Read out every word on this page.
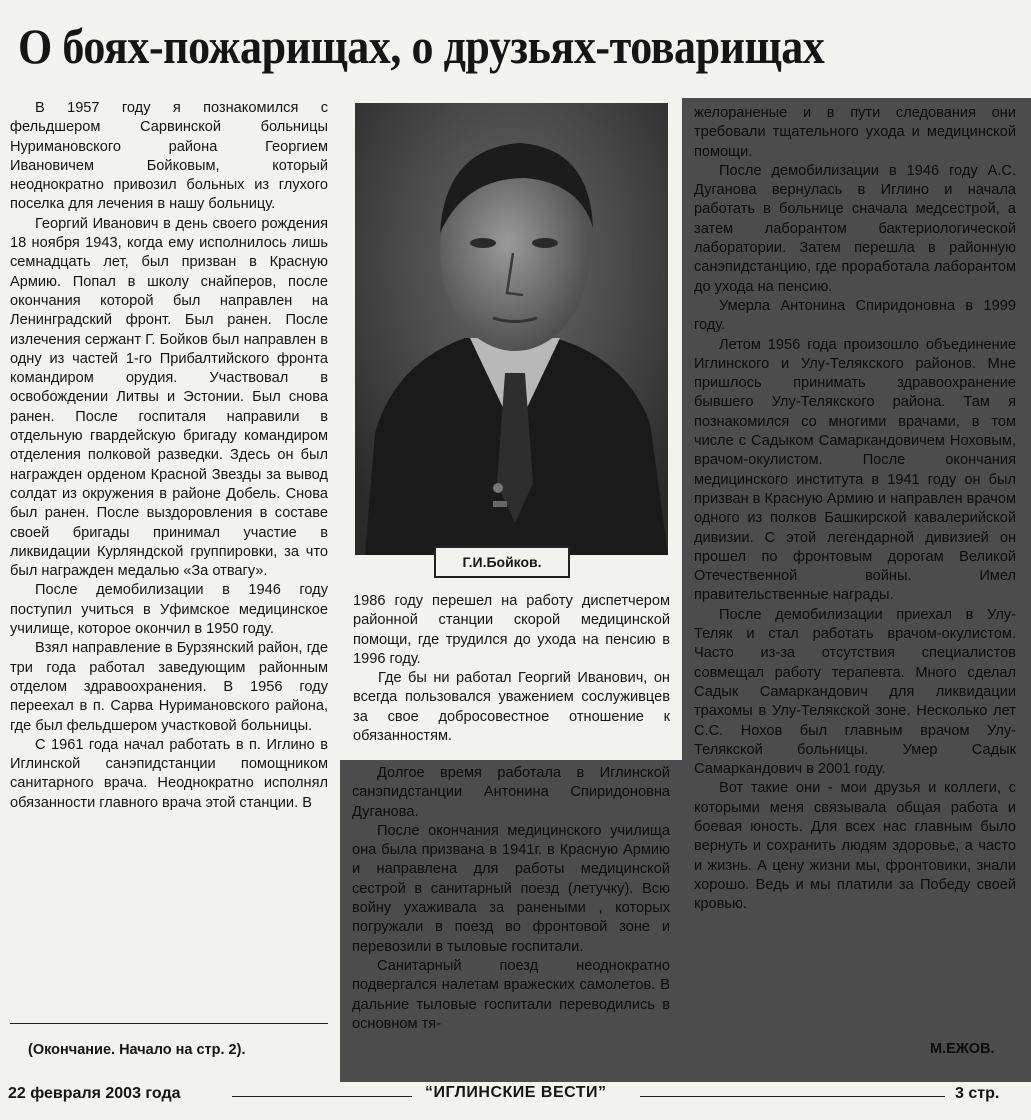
О боях-пожарищах, о друзьях-товарищах
Г.И.Бойков.

В 1957 году я познакомился с фельдшером Сарвинской больницы Нуримановского района Георгием Ивановичем Бойковым, который неоднократно привозил больных из глухого поселка для лечения в нашу больницу.

Георгий Иванович в день своего рождения 18 ноября 1943, когда ему исполнилось лишь семнадцать лет, был призван в Красную Армию. Попал в школу снайперов, после окончания которой был направлен на Ленинградский фронт. Был ранен. После излечения сержант Г. Бойков был направлен в одну из частей 1-го Прибалтийского фронта командиром орудия. Участвовал в освобождении Литвы и Эстонии. Был снова ранен. После госпиталя направили в отдельную гвардейскую бригаду командиром отделения полковой разведки. Здесь он был награжден орденом Красной Звезды за вывод солдат из окружения в районе Добель. Снова был ранен. После выздоровления в составе своей бригады принимал участие в ликвидации Курляндской группировки, за что был награжден медалью «За отвагу».

После демобилизации в 1946 году поступил учиться в Уфимское медицинское училище, которое окончил в 1950 году.

Взял направление в Бурзянский район, где три года работал заведующим районным отделом здравоохранения. В 1956 году переехал в п. Сарва Нуримановского района, где был фельдшером участковой больницы.

С 1961 года начал работать в п. Иглино в Иглинской санэпидстанции помощником санитарного врача. Неоднократно исполнял обязанности главного врача этой станции. В

1986 году перешел на работу диспетчером районной станции скорой медицинской помощи, где трудился до ухода на пенсию в 1996 году.

Где бы ни работал Георгий Иванович, он всегда пользовался уважением сослуживцев за свое добросовестное отношение к обязанностям.

Долгое время работала в Иглинской санэпидстанции Антонина Спиридоновна Дуганова.

После окончания медицинского училища она была призвана в 1941г. в Красную Армию и направлена для работы медицинской сестрой в санитарный поезд (летучку). Всю войну ухаживала за ранеными , которых погружали в поезд во фронтовой зоне и перевозили в тыловые госпитали.

Санитарный поезд неоднократно подвергался налетам вражеских самолетов. В дальние тыловые госпитали переводились в основном тя-

желораненые и в пути следования они требовали тщательного ухода и медицинской помощи.

После демобилизации в 1946 году А.С. Дуганова вернулась в Иглино и начала работать в больнице сначала медсестрой, а затем лаборантом бактериологической лаборатории. Затем перешла в районную санэпидстанцию, где проработала лаборантом до ухода на пенсию.

Умерла Антонина Спиридоновна в 1999 году.

Летом 1956 года произошло объединение Иглинского и Улу-Телякского районов. Мне пришлось принимать здравоохранение бывшего Улу-Телякского района. Там я познакомился со многими врачами, в том числе с Садыком Самаркандовичем Ноховым, врачом-окулистом. После окончания медицинского института в 1941 году он был призван в Красную Армию и направлен врачом одного из полков Башкирской кавалерийской дивизии. С этой легендарной дивизией он прошел по фронтовым дорогам Великой Отечественной войны. Имел правительственные награды.

После демобилизации приехал в Улу-Теляк и стал работать врачом-окулистом. Часто из-за отсутствия специалистов совмещал работу терапевта. Много сделал Садык Самаркандович для ликвидации трахомы в Улу-Телякской зоне. Несколько лет С.С. Нохов был главным врачом Улу-Телякской больницы. Умер Садык Самаркандович в 2001 году.

Вот такие они - мои друзья и коллеги, с которыми меня связывала общая работа и боевая юность. Для всех нас главным было вернуть и сохранить людям здоровье, а часто и жизнь. А цену жизни мы, фронтовики, знали хорошо. Ведь и мы платили за Победу своей кровью.

(Окончание. Начало на стр. 2).	М.ЕЖОВ.
22 февраля 2003 года	“ИГЛИНСКИЕ ВЕСТИ”	3 стр.
